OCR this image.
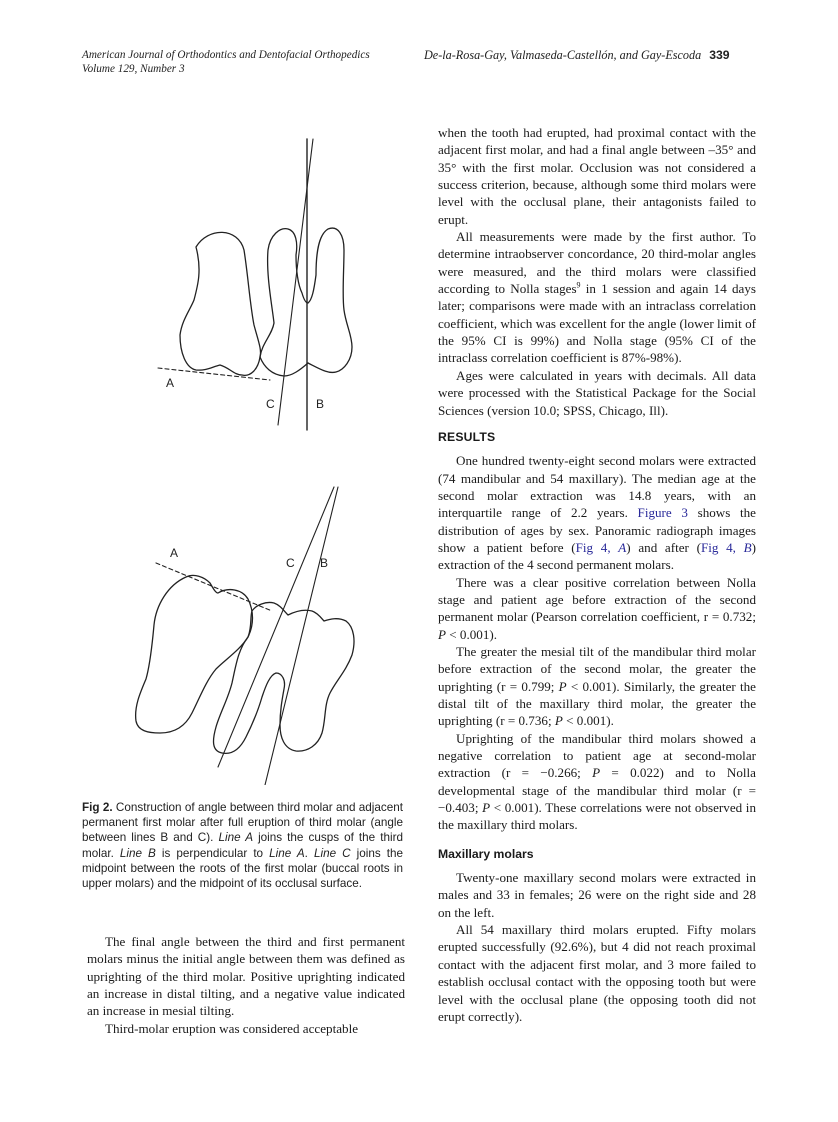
American Journal of Orthodontics and Dentofacial Orthopedics
Volume 129, Number 3
De-la-Rosa-Gay, Valmaseda-Castellón, and Gay-Escoda 339
A
C	B
A
C B
Fig 2. Construction of angle between third molar and adjacent permanent first molar after full eruption of third molar (angle between lines B and C). Line A joins the cusps of the third molar. Line B is perpendicular to Line A. Line C joins the midpoint between the roots of the first molar (buccal roots in upper molars) and the midpoint of its occlusal surface.

The final angle between the third and first permanent molars minus the initial angle between them was defined as uprighting of the third molar. Positive uprighting indicated an increase in distal tilting, and a negative value indicated an increase in mesial tilting.

Third-molar eruption was considered acceptable

when the tooth had erupted, had proximal contact with the adjacent first molar, and had a final angle between –35° and 35° with the first molar. Occlusion was not considered a success criterion, because, although some third molars were level with the occlusal plane, their antagonists failed to erupt.

All measurements were made by the first author. To determine intraobserver concordance, 20 third-molar angles were measured, and the third molars were classified according to Nolla stages$^9$ in 1 session and again 14 days later; comparisons were made with an intraclass correlation coefficient, which was excellent for the angle (lower limit of the 95% CI is 99%) and Nolla stage (95% CI of the intraclass correlation coefficient is 87%-98%).

Ages were calculated in years with decimals. All data were processed with the Statistical Package for the Social Sciences (version 10.0; SPSS, Chicago, Ill).

RESULTS

One hundred twenty-eight second molars were extracted (74 mandibular and 54 maxillary). The median age at the second molar extraction was 14.8 years, with an interquartile range of 2.2 years. Figure 3 shows the distribution of ages by sex. Panoramic radiograph images show a patient before (Fig 4, A) and after (Fig 4, B) extraction of the 4 second permanent molars.

There was a clear positive correlation between Nolla stage and patient age before extraction of the second permanent molar (Pearson correlation coefficient, r = 0.732; P < 0.001).

The greater the mesial tilt of the mandibular third molar before extraction of the second molar, the greater the uprighting (r = 0.799; P < 0.001). Similarly, the greater the distal tilt of the maxillary third molar, the greater the uprighting (r = 0.736; P < 0.001).

Uprighting of the mandibular third molars showed a negative correlation to patient age at second-molar extraction (r = −0.266; P = 0.022) and to Nolla developmental stage of the mandibular third molar (r = −0.403; P < 0.001). These correlations were not observed in the maxillary third molars.

Maxillary molars

Twenty-one maxillary second molars were extracted in males and 33 in females; 26 were on the right side and 28 on the left.

All 54 maxillary third molars erupted. Fifty molars erupted successfully (92.6%), but 4 did not reach proximal contact with the adjacent first molar, and 3 more failed to establish occlusal contact with the opposing tooth but were level with the occlusal plane (the opposing tooth did not erupt correctly).
